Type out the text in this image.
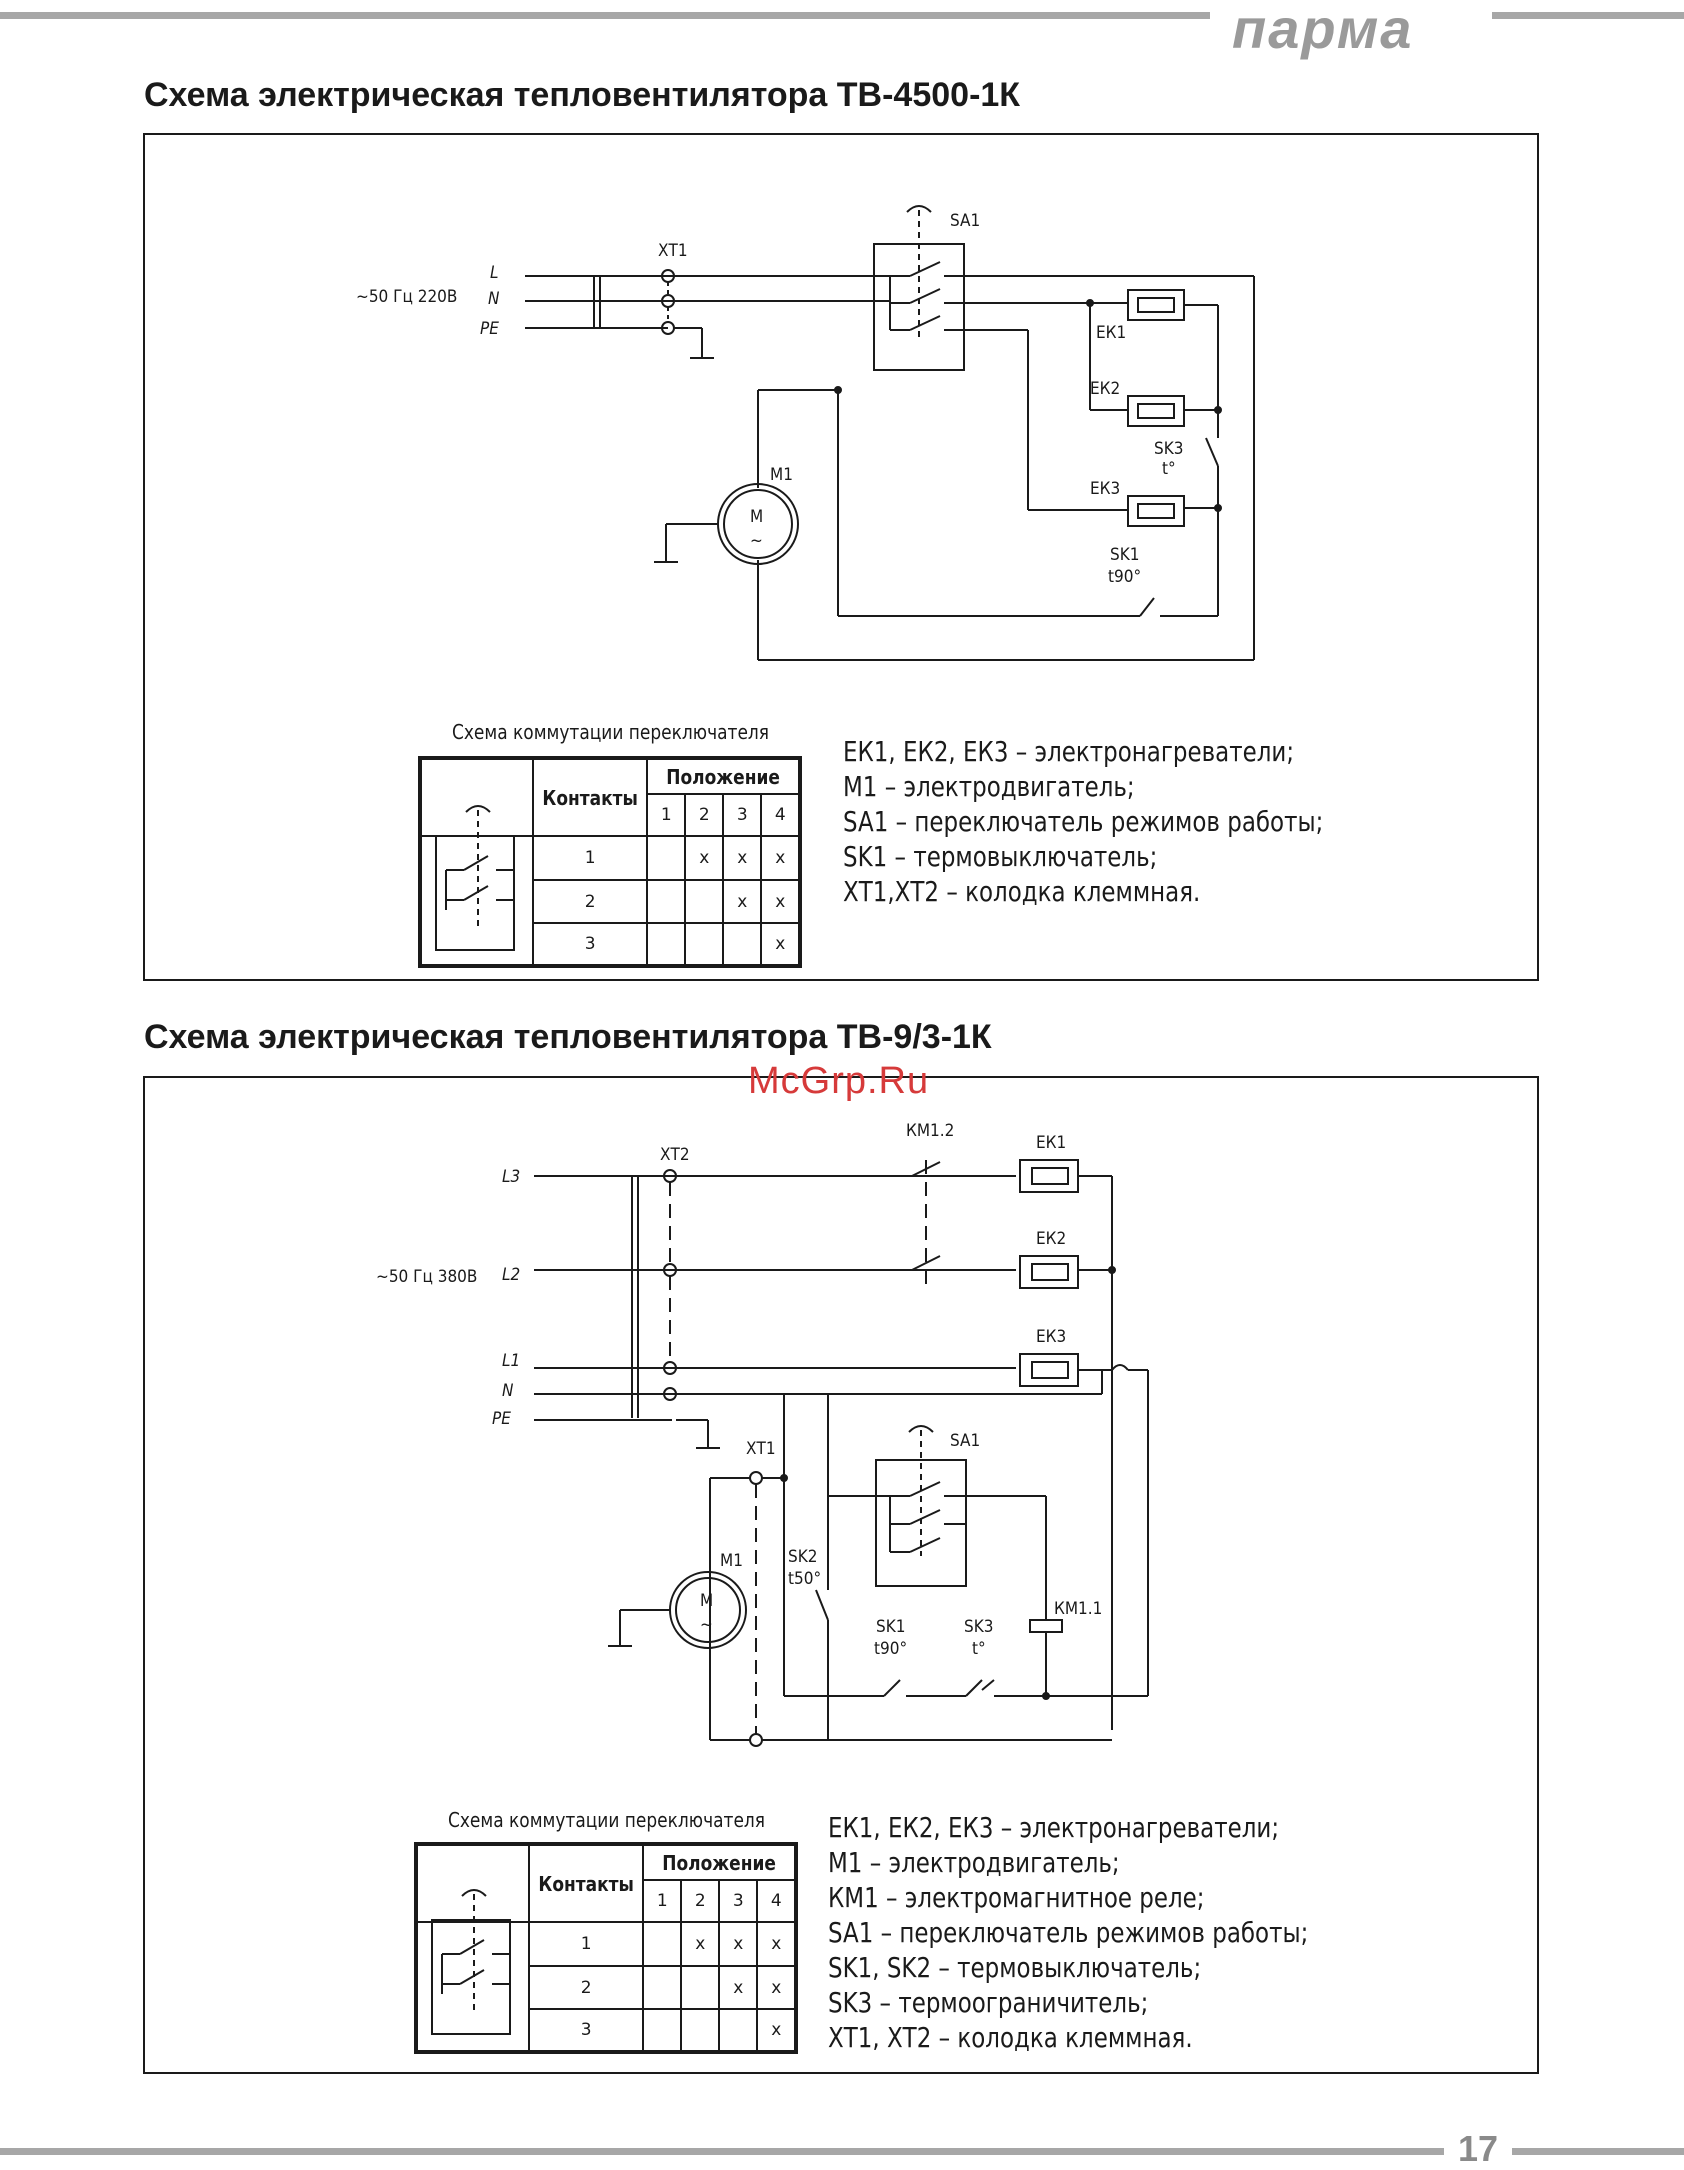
парма
17
Схема электрическая тепловентилятора ТВ-4500-1К
Схема электрическая тепловентилятора ТВ-9/3-1К
~50 Гц 220В
L
N
PE
ХТ1
SA1
ЕК1
ЕК2
SK3
t°
ЕК3
М1
М
~
SK1
t90°
L3
~50 Гц 380В L2
L1
N
PE
ХТ2
КМ1.2
ЕК1
ЕК2
ЕК3
ХТ1	SA1
М1
М
~
SK2
t50°
SK1
t90°
SK3
t°
КМ1.1
McGrp.Ru
Схема коммутации переключателя
	Контакты	Положение			
		1	2	3	4
	1		x	x	x
	2			x	x
	3				x
ЕК1, ЕК2, ЕК3 – электронагреватели;
М1 – электродвигатель;
SA1 – переключатель режимов работы;
SK1 – термовыключатель;
ХТ1,ХТ2 – колодка клеммная.
Схема коммутации переключателя
	Контакты	Положение			
		1	2	3	4
	1		x	x	x
	2			x	x
	3				x
ЕК1, ЕК2, ЕК3 – электронагреватели;
М1 – электродвигатель;
КМ1 – электромагнитное реле;
SA1 – переключатель режимов работы;
SK1, SK2 – термовыключатель;
SK3 – термоограничитель;
ХТ1, ХТ2 – колодка клеммная.
